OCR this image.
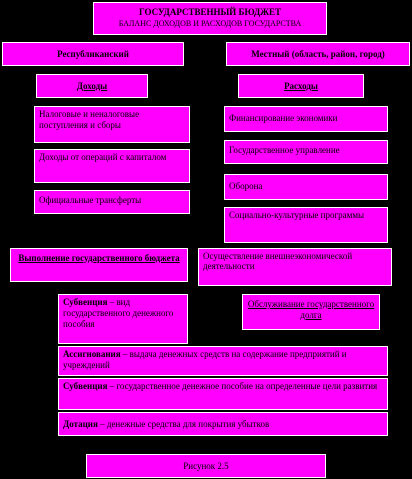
ГОСУДАРСТВЕННЫЙ БЮДЖЕТ
БАЛАНС ДОХОДОВ И РАСХОДОВ ГОСУДАРСТВА
Республиканский	Местный (область, район, город)
Доходы	Расходы
Налоговые и неналоговые поступления и сборы
Доходы от операций с капиталом
Официальные трансферты
Финансирование экономики
Государственное управление
Оборона
Социально-культурные программы
Осуществление внешнеэкономической деятельности
Выполнение государственного бюджета
Субвенция – вид государственного денежного пособия
Обслуживание государственного долга
Ассигнования – выдача денежных средств на содержание предприятий и учреждений
Субвенция – государственное денежное пособие на определенные цели развития
Дотация – денежные средства для покрытия убытков
Рисунок 2.5
